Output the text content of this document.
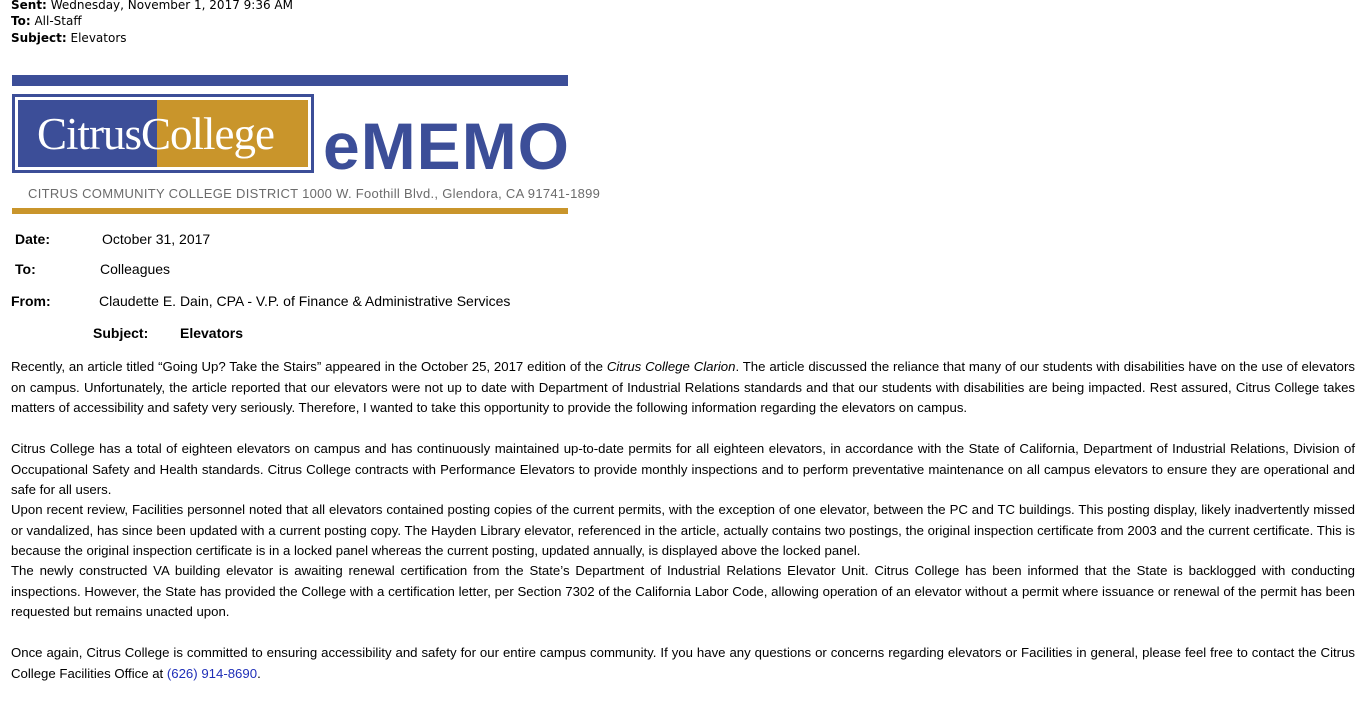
Sent: Wednesday, November 1, 2017 9:36 AM
To: All-Staff
Subject: Elevators
CitrusCollege eMEMO
CITRUS COMMUNITY COLLEGE DISTRICT 1000 W. Foothill Blvd., Glendora, CA 91741-1899
Date:	October 31, 2017
To:	Colleagues
From:	Claudette E. Dain, CPA - V.P. of Finance & Administrative Services
Subject: Elevators
Recently, an article titled “Going Up? Take the Stairs” appeared in the October 25, 2017 edition of the Citrus College Clarion. The article discussed the reliance that many of our students with disabilities have on the use of elevators on campus. Unfortunately, the article reported that our elevators were not up to date with Department of Industrial Relations standards and that our students with disabilities are being impacted. Rest assured, Citrus College takes matters of accessibility and safety very seriously. Therefore, I wanted to take this opportunity to provide the following information regarding the elevators on campus.
Citrus College has a total of eighteen elevators on campus and has continuously maintained up-to-date permits for all eighteen elevators, in accordance with the State of California, Department of Industrial Relations, Division of Occupational Safety and Health standards. Citrus College contracts with Performance Elevators to provide monthly inspections and to perform preventative maintenance on all campus elevators to ensure they are operational and safe for all users.
Upon recent review, Facilities personnel noted that all elevators contained posting copies of the current permits, with the exception of one elevator, between the PC and TC buildings. This posting display, likely inadvertently missed or vandalized, has since been updated with a current posting copy. The Hayden Library elevator, referenced in the article, actually contains two postings, the original inspection certificate from 2003 and the current certificate. This is because the original inspection certificate is in a locked panel whereas the current posting, updated annually, is displayed above the locked panel.
The newly constructed VA building elevator is awaiting renewal certification from the State’s Department of Industrial Relations Elevator Unit. Citrus College has been informed that the State is backlogged with conducting inspections. However, the State has provided the College with a certification letter, per Section 7302 of the California Labor Code, allowing operation of an elevator without a permit where issuance or renewal of the permit has been requested but remains unacted upon.
Once again, Citrus College is committed to ensuring accessibility and safety for our entire campus community. If you have any questions or concerns regarding elevators or Facilities in general, please feel free to contact the Citrus College Facilities Office at (626) 914-8690.
